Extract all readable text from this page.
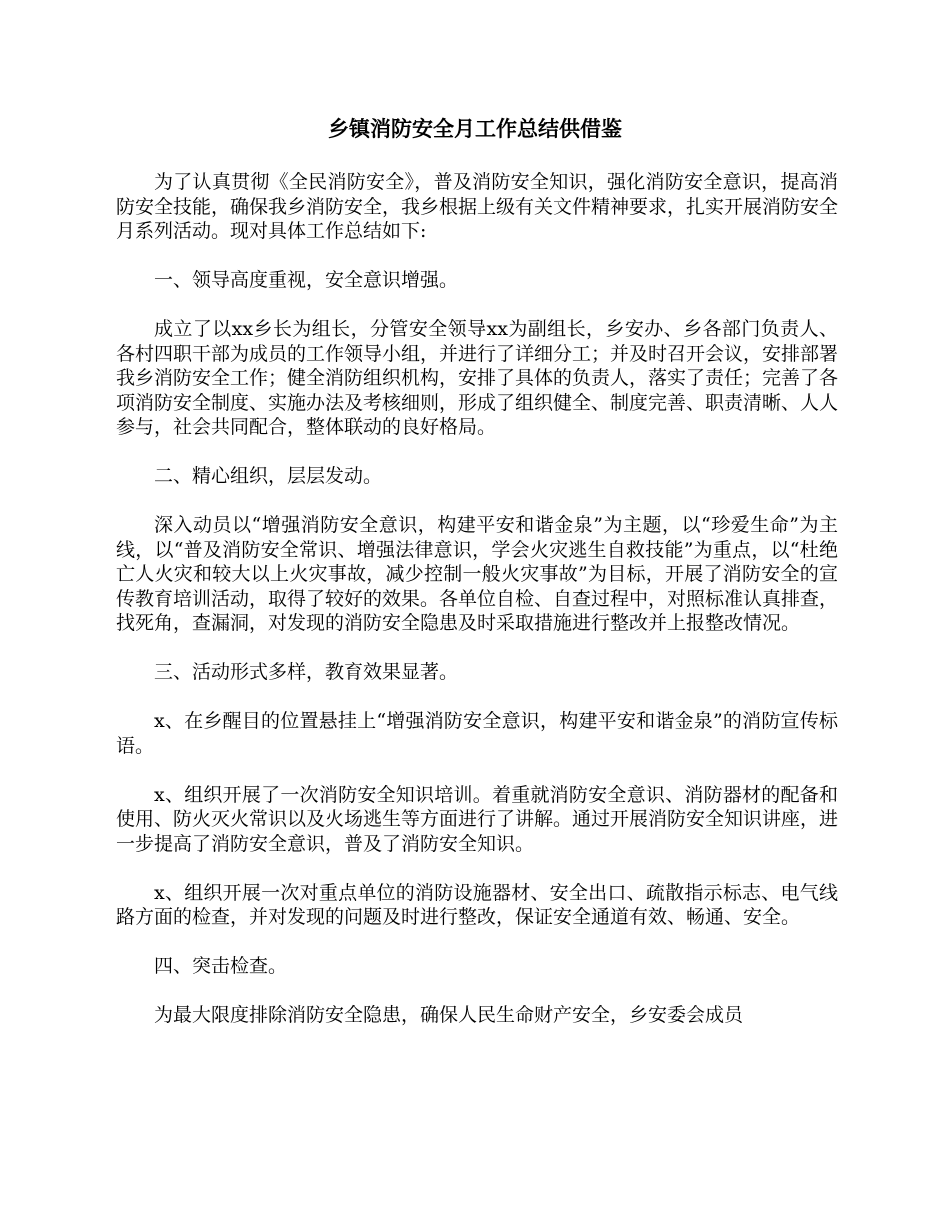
乡镇消防安全月工作总结供借鉴

为了认真贯彻《全民消防安全》，普及消防安全知识，强化消防安全意识，提高消防安全技能，确保我乡消防安全，我乡根据上级有关文件精神要求，扎实开展消防安全月系列活动。现对具体工作总结如下:

一、领导高度重视，安全意识增强。

成立了以xx乡长为组长，分管安全领导xx为副组长，乡安办、乡各部门负责人、各村四职干部为成员的工作领导小组，并进行了详细分工；并及时召开会议，安排部署我乡消防安全工作；健全消防组织机构，安排了具体的负责人，落实了责任；完善了各项消防安全制度、实施办法及考核细则，形成了组织健全、制度完善、职责清晰、人人参与，社会共同配合，整体联动的良好格局。

二、精心组织，层层发动。

深入动员以“增强消防安全意识，构建平安和谐金泉”为主题，以“珍爱生命”为主线，以“普及消防安全常识、增强法律意识，学会火灾逃生自救技能”为重点，以“杜绝亡人火灾和较大以上火灾事故，减少控制一般火灾事故”为目标，开展了消防安全的宣传教育培训活动，取得了较好的效果。各单位自检、自查过程中，对照标准认真排查，找死角，查漏洞，对发现的消防安全隐患及时采取措施进行整改并上报整改情况。

三、活动形式多样，教育效果显著。

x、在乡醒目的位置悬挂上“增强消防安全意识，构建平安和谐金泉”的消防宣传标语。

x、组织开展了一次消防安全知识培训。着重就消防安全意识、消防器材的配备和使用、防火灭火常识以及火场逃生等方面进行了讲解。通过开展消防安全知识讲座，进一步提高了消防安全意识，普及了消防安全知识。

x、组织开展一次对重点单位的消防设施器材、安全出口、疏散指示标志、电气线路方面的检查，并对发现的问题及时进行整改，保证安全通道有效、畅通、安全。

四、突击检查。

为最大限度排除消防安全隐患，确保人民生命财产安全，乡安委会成员
